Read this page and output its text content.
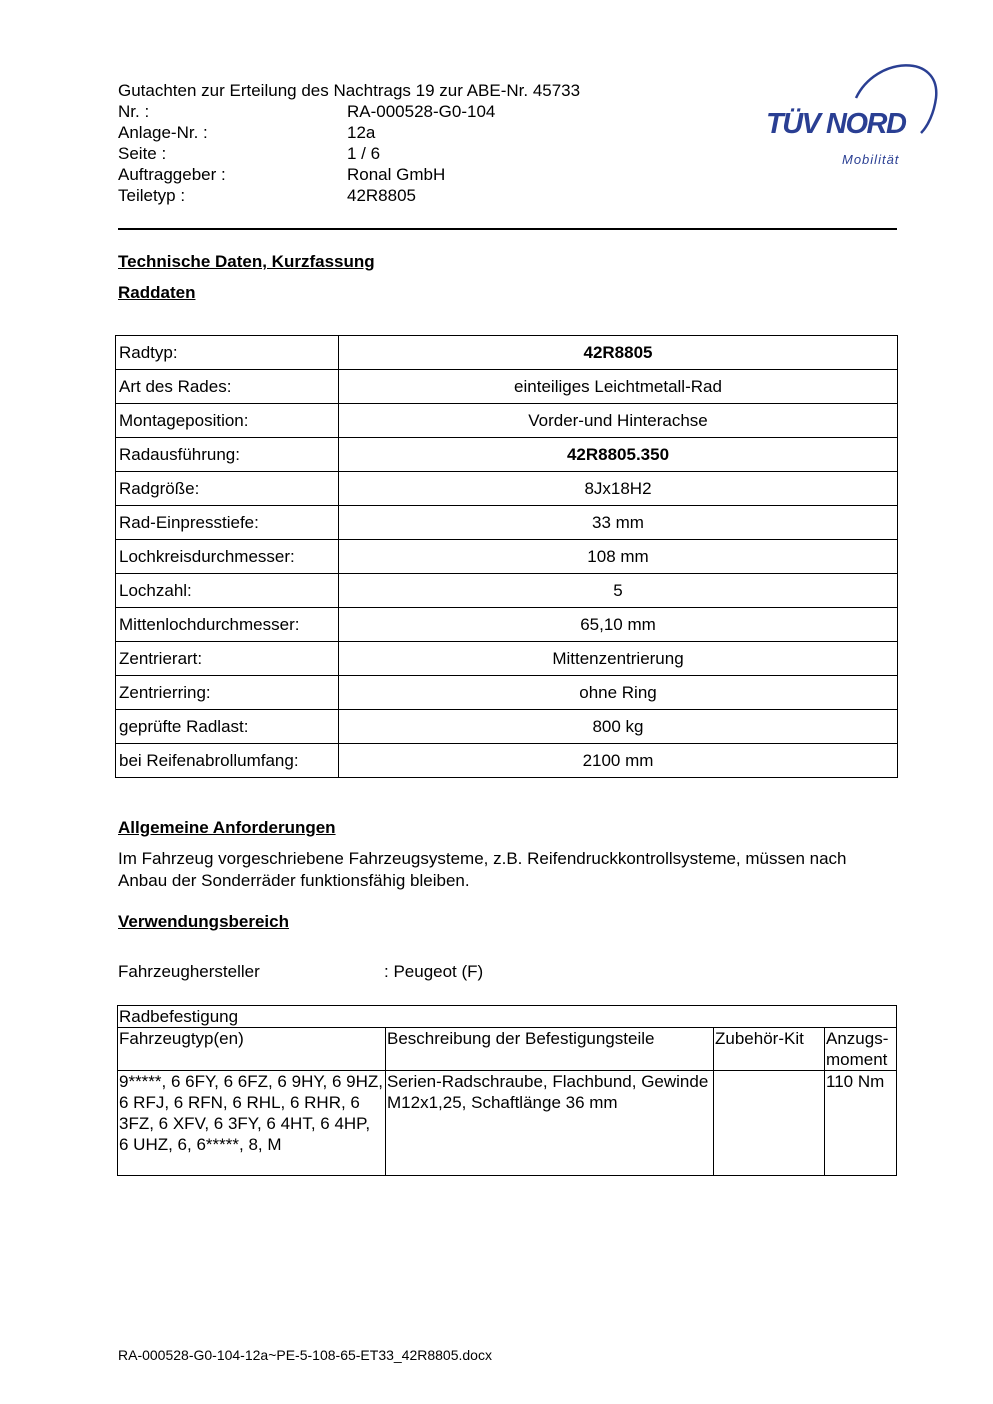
Gutachten zur Erteilung des Nachtrags 19 zur ABE-Nr. 45733
Nr. :	RA-000528-G0-104
Anlage-Nr. :	12a
Seite :	1 / 6
Auftraggeber :	Ronal GmbH
Teiletyp :	42R8805
TÜV NORD
Mobilität
Technische Daten, Kurzfassung
Raddaten
Radtyp:	42R8805
Art des Rades:	einteiliges Leichtmetall-Rad
Montageposition:	Vorder-und Hinterachse
Radausführung:	42R8805.350
Radgröße:	8Jx18H2
Rad-Einpresstiefe:	33 mm
Lochkreisdurchmesser:	108 mm
Lochzahl:	5
Mittenlochdurchmesser:	65,10 mm
Zentrierart:	Mittenzentrierung
Zentrierring:	ohne Ring
geprüfte Radlast:	800 kg
bei Reifenabrollumfang:	2100 mm
Allgemeine Anforderungen
Im Fahrzeug vorgeschriebene Fahrzeugsysteme, z.B. Reifendruckkontrollsysteme, müssen nach Anbau der Sonderräder funktionsfähig bleiben.
Verwendungsbereich
Fahrzeughersteller	: Peugeot (F)
Radbefestigung			
Fahrzeugtyp(en)	Beschreibung der Befestigungsteile	Zubehör-Kit	Anzugs-moment
9*****, 6 6FY, 6 6FZ, 6 9HY, 6 9HZ, 6 RFJ, 6 RFN, 6 RHL, 6 RHR, 6 3FZ, 6 XFV, 6 3FY, 6 4HT, 6 4HP, 6 UHZ, 6, 6*****, 8, M	Serien-Radschraube, Flachbund, Gewinde M12x1,25, Schaftlänge 36 mm		110 Nm
RA-000528-G0-104-12a~PE-5-108-65-ET33_42R8805.docx
